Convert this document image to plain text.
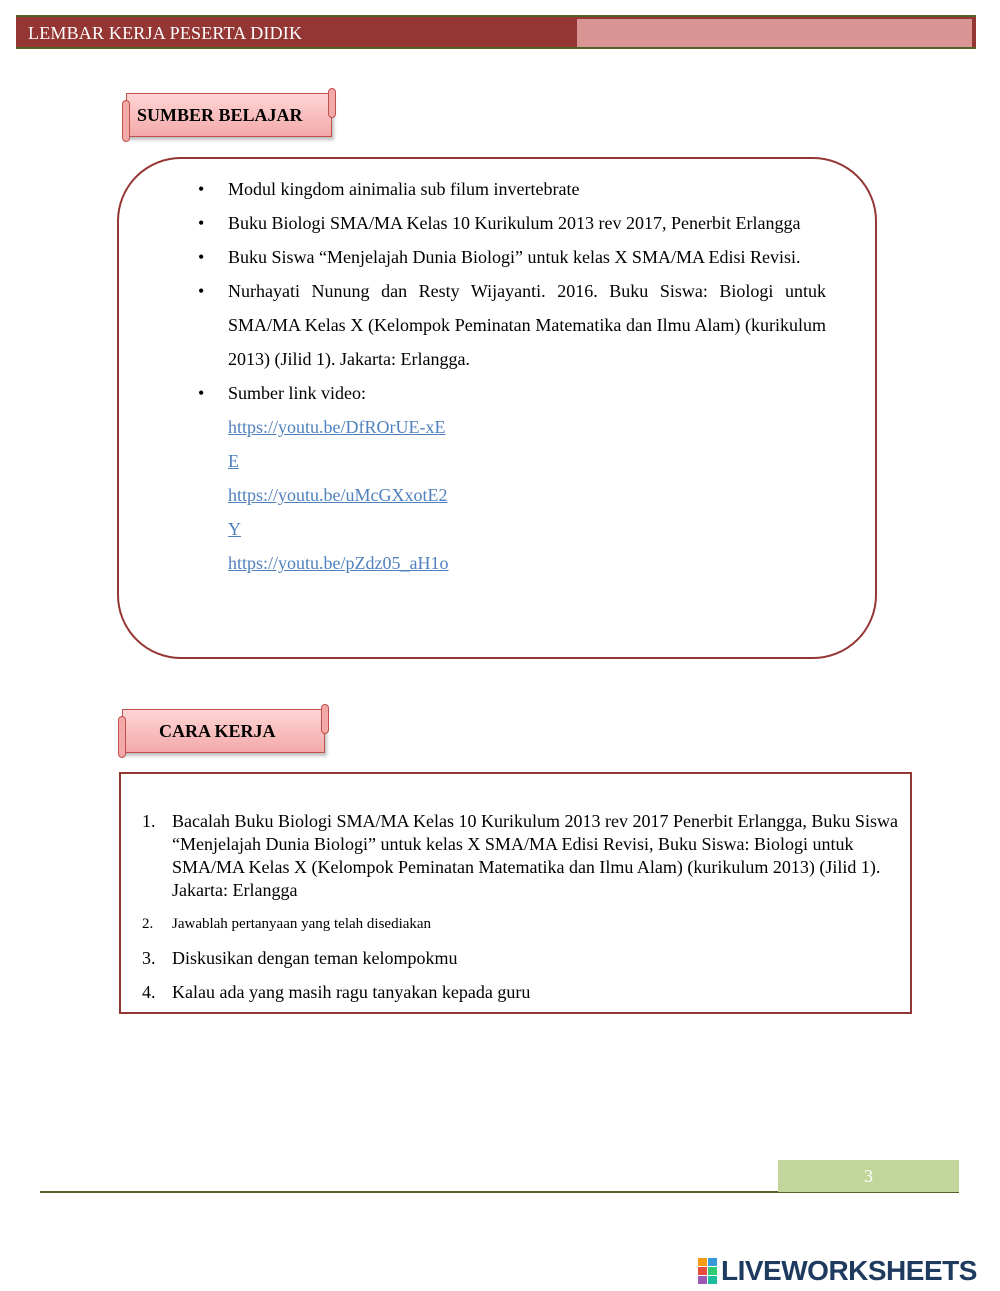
LEMBAR KERJA PESERTA DIDIK
SUMBER BELAJAR
• Modul kingdom ainimalia sub filum invertebrate
• Buku Biologi SMA/MA Kelas 10 Kurikulum 2013 rev 2017, Penerbit Erlangga
• Buku Siswa “Menjelajah Dunia Biologi” untuk kelas X SMA/MA Edisi Revisi.
• Nurhayati Nunung dan Resty Wijayanti. 2016. Buku Siswa: Biologi untuk SMA/MA Kelas X (Kelompok Peminatan Matematika dan Ilmu Alam) (kurikulum 2013) (Jilid 1). Jakarta: Erlangga.
• Sumber link video:
https://youtu.be/DfROrUE-xEE
https://youtu.be/uMcGXxotE2Y
https://youtu.be/pZdz05_aH1o
CARA KERJA
1. Bacalah Buku Biologi SMA/MA Kelas 10 Kurikulum 2013 rev 2017 Penerbit Erlangga, Buku Siswa “Menjelajah Dunia Biologi” untuk kelas X SMA/MA Edisi Revisi, Buku Siswa: Biologi untuk SMA/MA Kelas X (Kelompok Peminatan Matematika dan Ilmu Alam) (kurikulum 2013) (Jilid 1). Jakarta: Erlangga
2. Jawablah pertanyaan yang telah disediakan
3. Diskusikan dengan teman kelompokmu
4. Kalau ada yang masih ragu tanyakan kepada guru
3
LIVEWORKSHEETS
